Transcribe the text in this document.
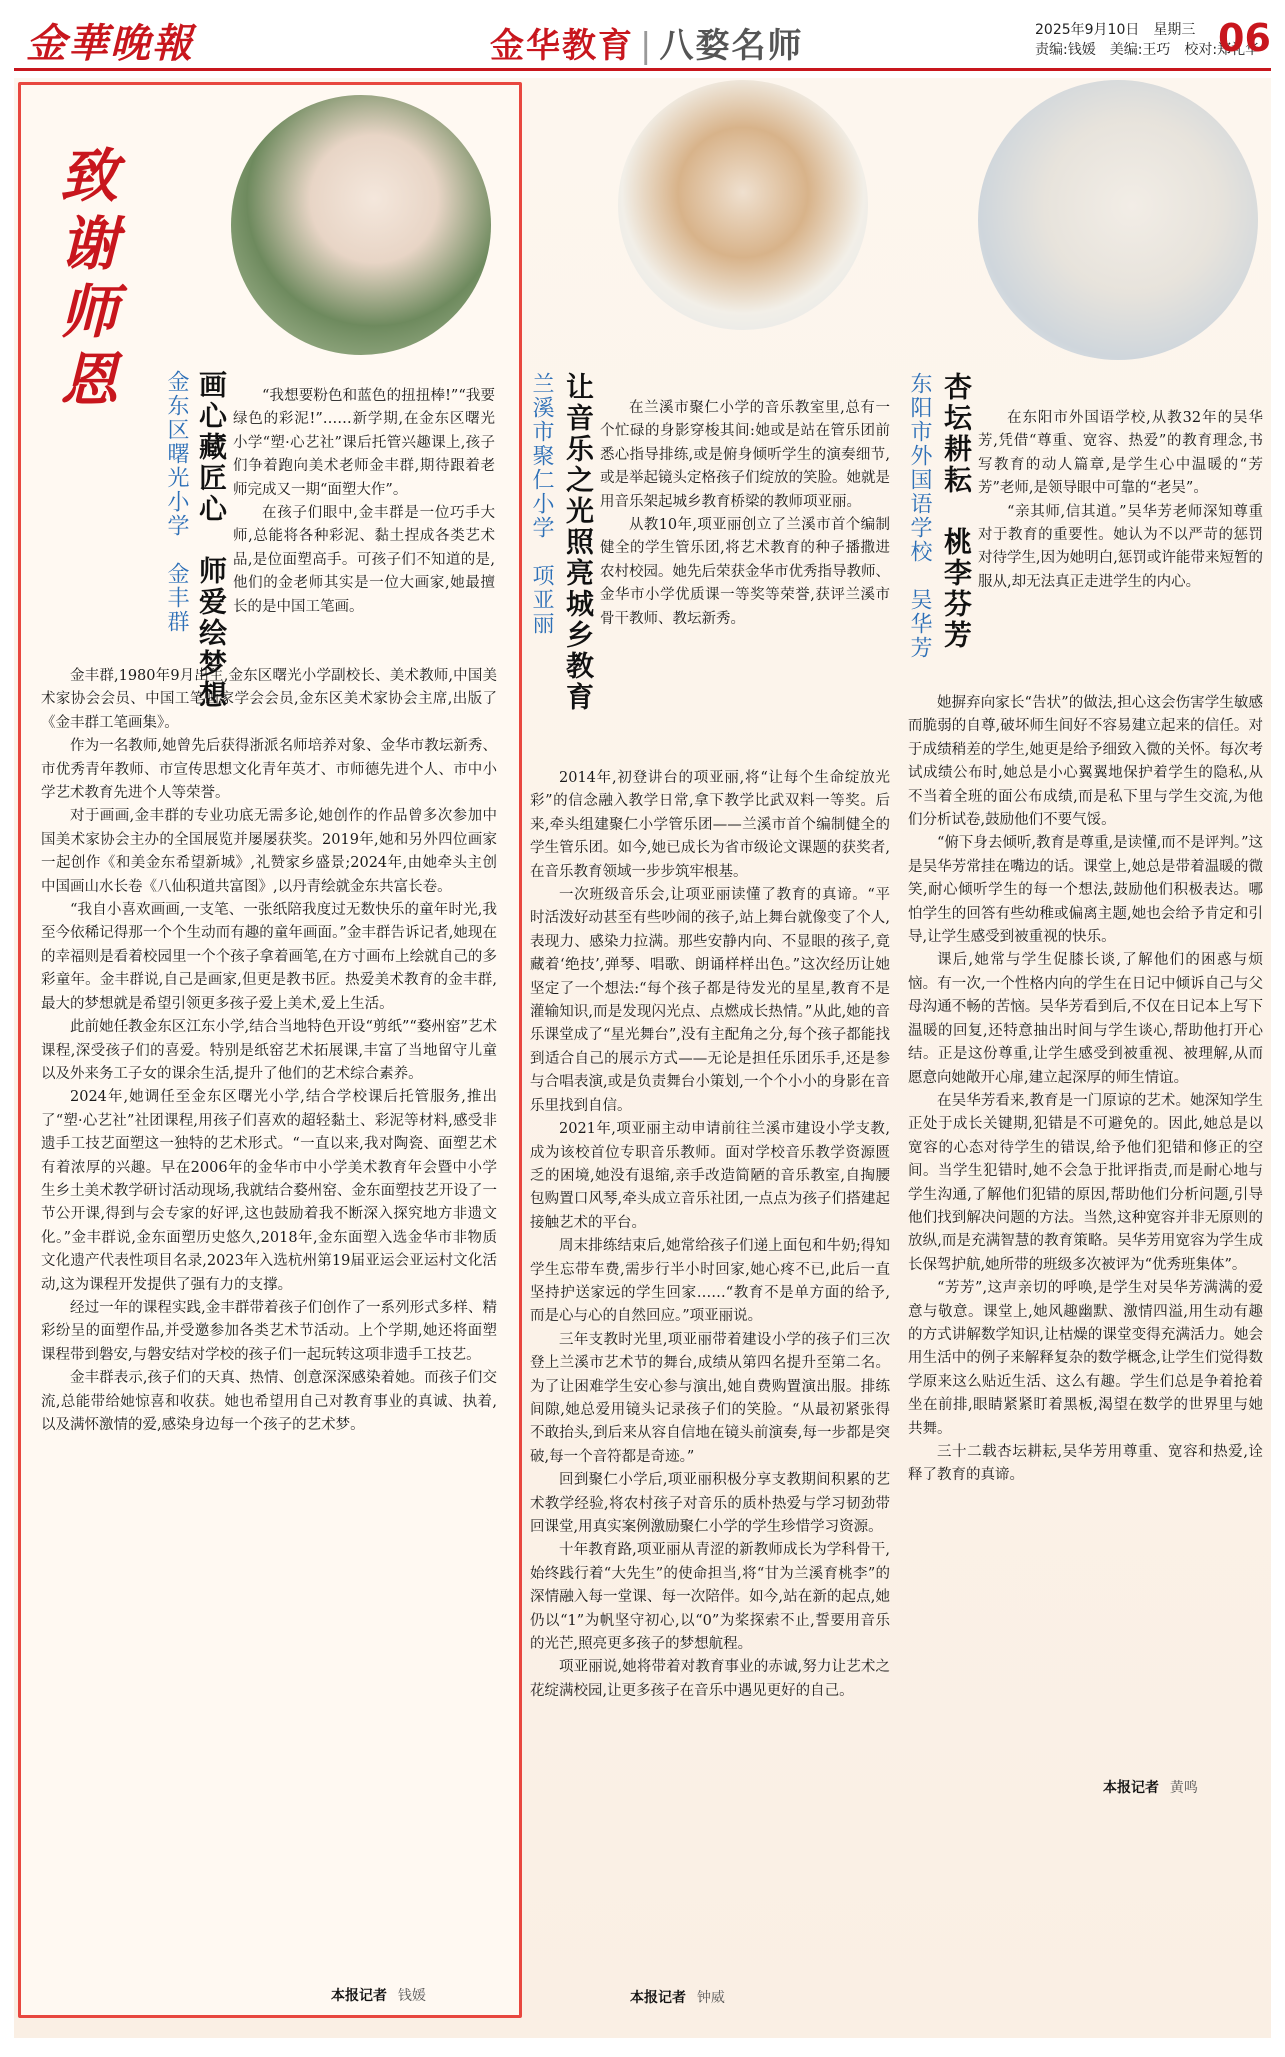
金華晚報	金华教育 | 八婺名师	2025年9月10日　星期三
责编:钱媛　美编:王巧　校对:郑礼华
06
致谢师恩
画心藏匠心　师爱绘梦想
金东区曙光小学　金丰群	“我想要粉色和蓝色的扭扭棒!”“我要绿色的彩泥!”……新学期,在金东区曙光小学“塑·心艺社”课后托管兴趣课上,孩子们争着跑向美术老师金丰群,期待跟着老师完成又一期“面塑大作”。

在孩子们眼中,金丰群是一位巧手大师,总能将各种彩泥、黏土捏成各类艺术品,是位面塑高手。可孩子们不知道的是,他们的金老师其实是一位大画家,她最擅长的是中国工笔画。

金丰群,1980年9月出生,金东区曙光小学副校长、美术教师,中国美术家协会会员、中国工笔画家学会会员,金东区美术家协会主席,出版了《金丰群工笔画集》。

作为一名教师,她曾先后获得浙派名师培养对象、金华市教坛新秀、市优秀青年教师、市宣传思想文化青年英才、市师德先进个人、市中小学艺术教育先进个人等荣誉。

对于画画,金丰群的专业功底无需多论,她创作的作品曾多次参加中国美术家协会主办的全国展览并屡屡获奖。2019年,她和另外四位画家一起创作《和美金东希望新城》,礼赞家乡盛景;2024年,由她牵头主创中国画山水长卷《八仙积道共富图》,以丹青绘就金东共富长卷。

“我自小喜欢画画,一支笔、一张纸陪我度过无数快乐的童年时光,我至今依稀记得那一个个生动而有趣的童年画面。”金丰群告诉记者,她现在的幸福则是看着校园里一个个孩子拿着画笔,在方寸画布上绘就自己的多彩童年。金丰群说,自己是画家,但更是教书匠。热爱美术教育的金丰群,最大的梦想就是希望引领更多孩子爱上美术,爱上生活。

此前她任教金东区江东小学,结合当地特色开设“剪纸”“婺州窑”艺术课程,深受孩子们的喜爱。特别是纸窑艺术拓展课,丰富了当地留守儿童以及外来务工子女的课余生活,提升了他们的艺术综合素养。

2024年,她调任至金东区曙光小学,结合学校课后托管服务,推出了“塑·心艺社”社团课程,用孩子们喜欢的超轻黏土、彩泥等材料,感受非遗手工技艺面塑这一独特的艺术形式。“一直以来,我对陶瓷、面塑艺术有着浓厚的兴趣。早在2006年的金华市中小学美术教育年会暨中小学生乡土美术教学研讨活动现场,我就结合婺州窑、金东面塑技艺开设了一节公开课,得到与会专家的好评,这也鼓励着我不断深入探究地方非遗文化。”金丰群说,金东面塑历史悠久,2018年,金东面塑入选金华市非物质文化遗产代表性项目名录,2023年入选杭州第19届亚运会亚运村文化活动,这为课程开发提供了强有力的支撑。

经过一年的课程实践,金丰群带着孩子们创作了一系列形式多样、精彩纷呈的面塑作品,并受邀参加各类艺术节活动。上个学期,她还将面塑课程带到磐安,与磐安结对学校的孩子们一起玩转这项非遗手工技艺。

金丰群表示,孩子们的天真、热情、创意深深感染着她。而孩子们交流,总能带给她惊喜和收获。她也希望用自己对教育事业的真诚、执着,以及满怀激情的爱,感染身边每一个孩子的艺术梦。

本报记者 钱媛
让音乐之光照亮城乡教育
兰溪市聚仁小学　项亚丽	在兰溪市聚仁小学的音乐教室里,总有一个忙碌的身影穿梭其间:她或是站在管乐团前悉心指导排练,或是俯身倾听学生的演奏细节,或是举起镜头定格孩子们绽放的笑脸。她就是用音乐架起城乡教育桥梁的教师项亚丽。

从教10年,项亚丽创立了兰溪市首个编制健全的学生管乐团,将艺术教育的种子播撒进农村校园。她先后荣获金华市优秀指导教师、金华市小学优质课一等奖等荣誉,获评兰溪市骨干教师、教坛新秀。

2014年,初登讲台的项亚丽,将“让每个生命绽放光彩”的信念融入教学日常,拿下教学比武双料一等奖。后来,牵头组建聚仁小学管乐团——兰溪市首个编制健全的学生管乐团。如今,她已成长为省市级论文课题的获奖者,在音乐教育领域一步步筑牢根基。

一次班级音乐会,让项亚丽读懂了教育的真谛。“平时活泼好动甚至有些吵闹的孩子,站上舞台就像变了个人,表现力、感染力拉满。那些安静内向、不显眼的孩子,竟藏着‘绝技’,弹琴、唱歌、朗诵样样出色。”这次经历让她坚定了一个想法:“每个孩子都是待发光的星星,教育不是灌输知识,而是发现闪光点、点燃成长热情。”从此,她的音乐课堂成了“星光舞台”,没有主配角之分,每个孩子都能找到适合自己的展示方式——无论是担任乐团乐手,还是参与合唱表演,或是负责舞台小策划,一个个小小的身影在音乐里找到自信。

2021年,项亚丽主动申请前往兰溪市建设小学支教,成为该校首位专职音乐教师。面对学校音乐教学资源匮乏的困境,她没有退缩,亲手改造简陋的音乐教室,自掏腰包购置口风琴,牵头成立音乐社团,一点点为孩子们搭建起接触艺术的平台。

周末排练结束后,她常给孩子们递上面包和牛奶;得知学生忘带车费,需步行半小时回家,她心疼不已,此后一直坚持护送家远的学生回家……“教育不是单方面的给予,而是心与心的自然回应。”项亚丽说。

三年支教时光里,项亚丽带着建设小学的孩子们三次登上兰溪市艺术节的舞台,成绩从第四名提升至第二名。为了让困难学生安心参与演出,她自费购置演出服。排练间隙,她总爱用镜头记录孩子们的笑脸。“从最初紧张得不敢抬头,到后来从容自信地在镜头前演奏,每一步都是突破,每一个音符都是奇迹。”

回到聚仁小学后,项亚丽积极分享支教期间积累的艺术教学经验,将农村孩子对音乐的质朴热爱与学习韧劲带回课堂,用真实案例激励聚仁小学的学生珍惜学习资源。

十年教育路,项亚丽从青涩的新教师成长为学科骨干,始终践行着“大先生”的使命担当,将“甘为兰溪育桃李”的深情融入每一堂课、每一次陪伴。如今,站在新的起点,她仍以“1”为帆坚守初心,以“0”为桨探索不止,誓要用音乐的光芒,照亮更多孩子的梦想航程。

项亚丽说,她将带着对教育事业的赤诚,努力让艺术之花绽满校园,让更多孩子在音乐中遇见更好的自己。

本报记者 钟威
杏坛耕耘　桃李芬芳
东阳市外国语学校　吴华芳	在东阳市外国语学校,从教32年的吴华芳,凭借“尊重、宽容、热爱”的教育理念,书写教育的动人篇章,是学生心中温暖的“芳芳”老师,是领导眼中可靠的“老吴”。

“亲其师,信其道。”吴华芳老师深知尊重对于教育的重要性。她认为不以严苛的惩罚对待学生,因为她明白,惩罚或许能带来短暂的服从,却无法真正走进学生的内心。

她摒弃向家长“告状”的做法,担心这会伤害学生敏感而脆弱的自尊,破坏师生间好不容易建立起来的信任。对于成绩稍差的学生,她更是给予细致入微的关怀。每次考试成绩公布时,她总是小心翼翼地保护着学生的隐私,从不当着全班的面公布成绩,而是私下里与学生交流,为他们分析试卷,鼓励他们不要气馁。

“俯下身去倾听,教育是尊重,是读懂,而不是评判。”这是吴华芳常挂在嘴边的话。课堂上,她总是带着温暖的微笑,耐心倾听学生的每一个想法,鼓励他们积极表达。哪怕学生的回答有些幼稚或偏离主题,她也会给予肯定和引导,让学生感受到被重视的快乐。

课后,她常与学生促膝长谈,了解他们的困惑与烦恼。有一次,一个性格内向的学生在日记中倾诉自己与父母沟通不畅的苦恼。吴华芳看到后,不仅在日记本上写下温暖的回复,还特意抽出时间与学生谈心,帮助他打开心结。正是这份尊重,让学生感受到被重视、被理解,从而愿意向她敞开心扉,建立起深厚的师生情谊。

在吴华芳看来,教育是一门原谅的艺术。她深知学生正处于成长关键期,犯错是不可避免的。因此,她总是以宽容的心态对待学生的错误,给予他们犯错和修正的空间。当学生犯错时,她不会急于批评指责,而是耐心地与学生沟通,了解他们犯错的原因,帮助他们分析问题,引导他们找到解决问题的方法。当然,这种宽容并非无原则的放纵,而是充满智慧的教育策略。吴华芳用宽容为学生成长保驾护航,她所带的班级多次被评为“优秀班集体”。

“芳芳”,这声亲切的呼唤,是学生对吴华芳满满的爱意与敬意。课堂上,她风趣幽默、激情四溢,用生动有趣的方式讲解数学知识,让枯燥的课堂变得充满活力。她会用生活中的例子来解释复杂的数学概念,让学生们觉得数学原来这么贴近生活、这么有趣。学生们总是争着抢着坐在前排,眼睛紧紧盯着黑板,渴望在数学的世界里与她共舞。

三十二载杏坛耕耘,吴华芳用尊重、宽容和热爱,诠释了教育的真谛。

本报记者 黄鸣
